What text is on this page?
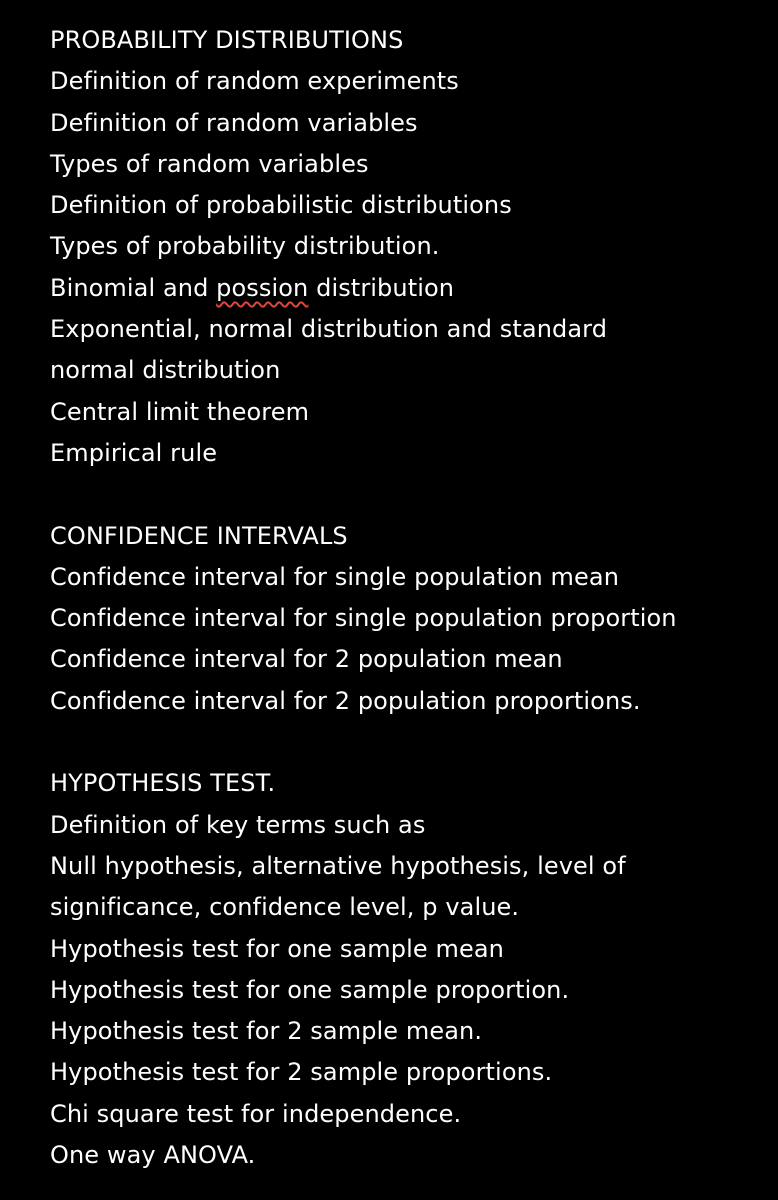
PROBABILITY DISTRIBUTIONS
Definition of random experiments
Definition of random variables
Types of random variables
Definition of probabilistic distributions
Types of probability distribution.
Binomial and possion distribution
Exponential, normal distribution and standard
normal distribution
Central limit theorem
Empirical rule
CONFIDENCE INTERVALS
Confidence interval for single population mean
Confidence interval for single population proportion
Confidence interval for 2 population mean
Confidence interval for 2 population proportions.
HYPOTHESIS TEST.
Definition of key terms such as
Null hypothesis, alternative hypothesis, level of
significance, confidence level, p value.
Hypothesis test for one sample mean
Hypothesis test for one sample proportion.
Hypothesis test for 2 sample mean.
Hypothesis test for 2 sample proportions.
Chi square test for independence.
One way ANOVA.
